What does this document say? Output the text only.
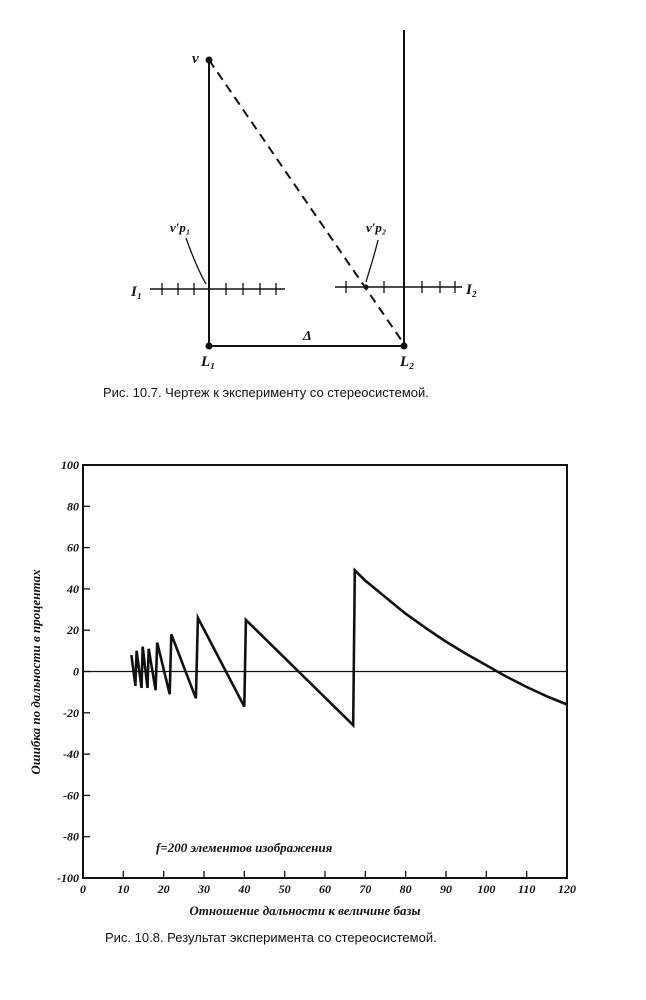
v
v′p₁	v′p₂
I₁	I₂
Δ
L₁	L₂
Рис. 10.7. Чертеж к эксперименту со стереосистемой.
0	10 20 30 40 50 60 70 80 90 100 110 120
100
80
60
40
20
0
-20
-40
-60
-80
-100
Отношение дальности к величине базы
Ошибка по дальности в процентах
f=200 элементов изображения
Рис. 10.8. Результат эксперимента со стереосистемой.
